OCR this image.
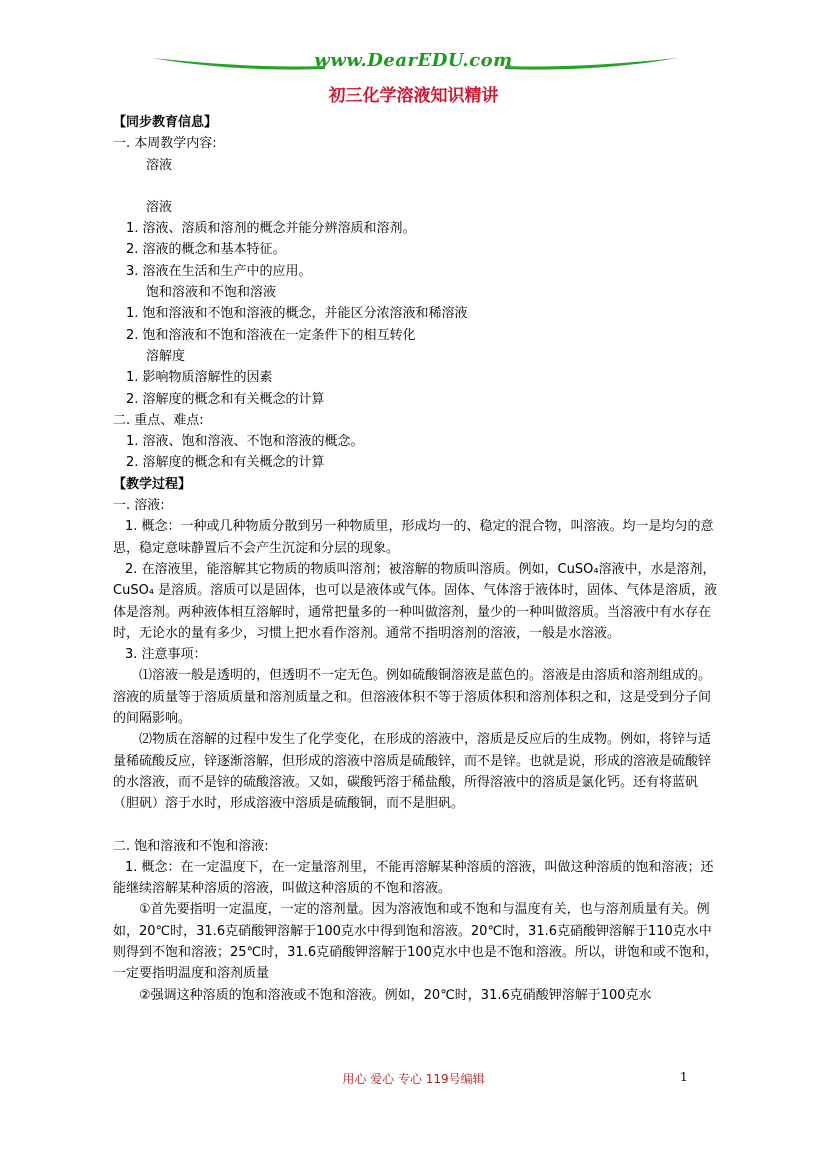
www.DearEDU.com
初三化学溶液知识精讲

【同步教育信息】

一. 本周教学内容:

溶液

溶液

1. 溶液、溶质和溶剂的概念并能分辨溶质和溶剂。

2. 溶液的概念和基本特征。

3. 溶液在生活和生产中的应用。

饱和溶液和不饱和溶液

1. 饱和溶液和不饱和溶液的概念，并能区分浓溶液和稀溶液

2. 饱和溶液和不饱和溶液在一定条件下的相互转化

溶解度

1. 影响物质溶解性的因素

2. 溶解度的概念和有关概念的计算

二. 重点、难点:

1. 溶液、饱和溶液、不饱和溶液的概念。

2. 溶解度的概念和有关概念的计算

【教学过程】

一. 溶液:

1. 概念：一种或几种物质分散到另一种物质里，形成均一的、稳定的混合物，叫溶液。均一是均匀的意思，稳定意味静置后不会产生沉淀和分层的现象。

2. 在溶液里，能溶解其它物质的物质叫溶剂；被溶解的物质叫溶质。例如，CuSO₄溶液中，水是溶剂，CuSO₄ 是溶质。溶质可以是固体，也可以是液体或气体。固体、气体溶于液体时，固体、气体是溶质，液体是溶剂。两种液体相互溶解时，通常把量多的一种叫做溶剂，量少的一种叫做溶质。当溶液中有水存在时，无论水的量有多少，习惯上把水看作溶剂。通常不指明溶剂的溶液，一般是水溶液。

3. 注意事项：

⑴溶液一般是透明的，但透明不一定无色。例如硫酸铜溶液是蓝色的。溶液是由溶质和溶剂组成的。溶液的质量等于溶质质量和溶剂质量之和。但溶液体积不等于溶质体积和溶剂体积之和，这是受到分子间的间隔影响。

⑵物质在溶解的过程中发生了化学变化，在形成的溶液中，溶质是反应后的生成物。例如，将锌与适量稀硫酸反应，锌逐渐溶解，但形成的溶液中溶质是硫酸锌，而不是锌。也就是说，形成的溶液是硫酸锌的水溶液，而不是锌的硫酸溶液。又如，碳酸钙溶于稀盐酸，所得溶液中的溶质是氯化钙。还有将蓝矾（胆矾）溶于水时，形成溶液中溶质是硫酸铜，而不是胆矾。

二. 饱和溶液和不饱和溶液:

1. 概念：在一定温度下，在一定量溶剂里，不能再溶解某种溶质的溶液，叫做这种溶质的饱和溶液；还能继续溶解某种溶质的溶液，叫做这种溶质的不饱和溶液。

①首先要指明一定温度，一定的溶剂量。因为溶液饱和或不饱和与温度有关，也与溶剂质量有关。例如，20℃时，31.6克硝酸钾溶解于100克水中得到饱和溶液。20℃时，31.6克硝酸钾溶解于110克水中则得到不饱和溶液；25℃时，31.6克硝酸钾溶解于100克水中也是不饱和溶液。所以，讲饱和或不饱和，一定要指明温度和溶剂质量

②强调这种溶质的饱和溶液或不饱和溶液。例如，20℃时，31.6克硝酸钾溶解于100克水

用心 爱心 专心 119号编辑	1
